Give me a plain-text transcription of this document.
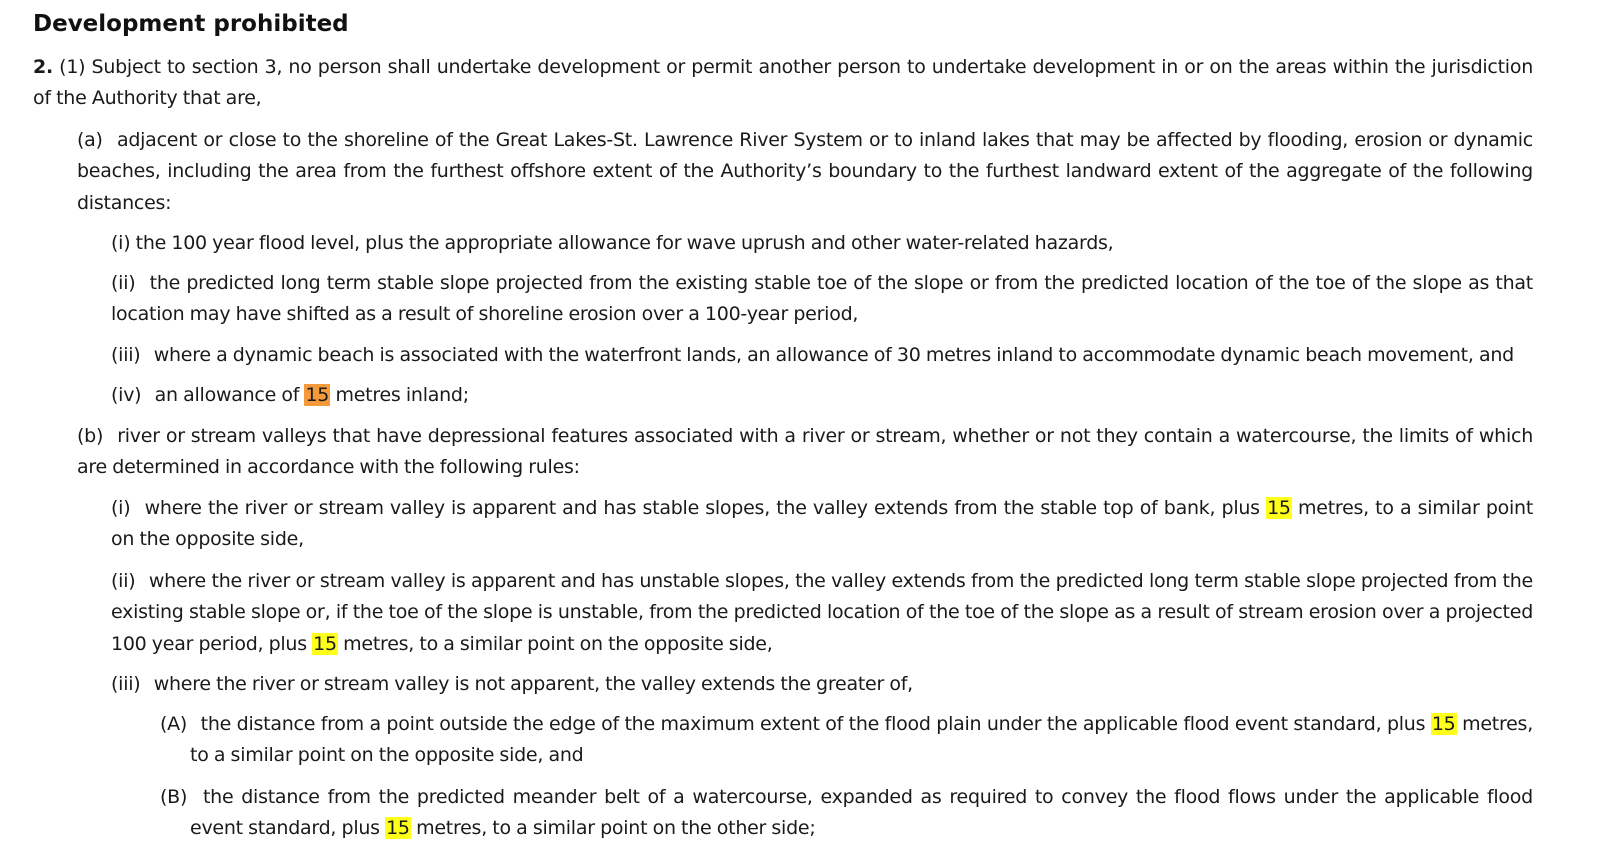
Development prohibited

2. (1) Subject to section 3, no person shall undertake development or permit another person to undertake development in or on the areas within the jurisdiction of the Authority that are,

(a) adjacent or close to the shoreline of the Great Lakes-St. Lawrence River System or to inland lakes that may be affected by flooding, erosion or dynamic beaches, including the area from the furthest offshore extent of the Authority’s boundary to the furthest landward extent of the aggregate of the following distances:

(i) the 100 year flood level, plus the appropriate allowance for wave uprush and other water-related hazards,

(ii) the predicted long term stable slope projected from the existing stable toe of the slope or from the predicted location of the toe of the slope as that location may have shifted as a result of shoreline erosion over a 100-year period,

(iii) where a dynamic beach is associated with the waterfront lands, an allowance of 30 metres inland to accommodate dynamic beach movement, and

(iv) an allowance of 15 metres inland;

(b) river or stream valleys that have depressional features associated with a river or stream, whether or not they contain a watercourse, the limits of which are determined in accordance with the following rules:

(i) where the river or stream valley is apparent and has stable slopes, the valley extends from the stable top of bank, plus 15 metres, to a similar point on the opposite side,

(ii) where the river or stream valley is apparent and has unstable slopes, the valley extends from the predicted long term stable slope projected from the existing stable slope or, if the toe of the slope is unstable, from the predicted location of the toe of the slope as a result of stream erosion over a projected 100 year period, plus 15 metres, to a similar point on the opposite side,

(iii) where the river or stream valley is not apparent, the valley extends the greater of,

(A) the distance from a point outside the edge of the maximum extent of the flood plain under the applicable flood event standard, plus 15 metres, to a similar point on the opposite side, and

(B) the distance from the predicted meander belt of a watercourse, expanded as required to convey the flood flows under the applicable flood event standard, plus 15 metres, to a similar point on the other side;
